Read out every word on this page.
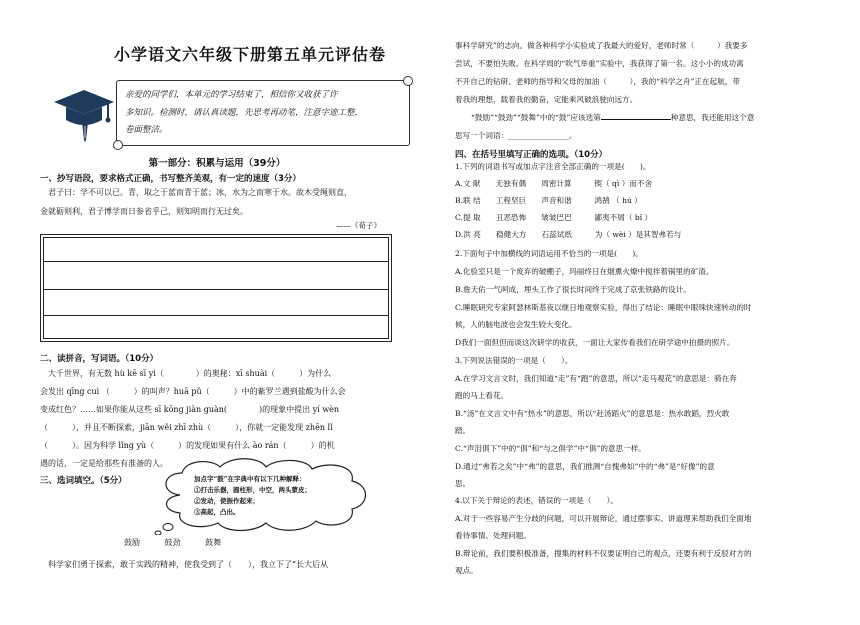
小学语文六年级下册第五单元评估卷
亲爱的同学们，本单元的学习结束了，相信你又收获了许
多知识。检测时，请认真读题，先思考再动笔，注意字迹工整，
卷面整洁。
第一部分：积累与运用（39分）
一、抄写语段，要求格式正确，书写整齐美观，有一定的速度（3分）
君子曰：学不可以已。青，取之于蓝而青于蓝；冰，水为之而寒于水。故木受绳则直，
金就砺则利，君子博学而日参省乎己，则知明而行无过矣。
——《荀子》
二、读拼音，写词语。（10分）
大千世界，有无数 hù kē sī yì（　　　　）的奥秘：xī shuài（　　　）为什么
会发出 qīng cuì （　　　）的叫声？huā pǔ（　　　）中的紫罗兰遇到盐酸为什么会
变成红色？……如果你能从这些 sī kōng jiàn guàn(　　　　)的现象中提出 yí wèn
（　　　），并且不断探索，jiān wěi zhī zhù（　　　），你就一定能发现 zhēn lǐ
（　　　）。因为科学 lǐng yù（　　　）的发现如果有什么 ào rán（　　　）的机
遇的话，一定是给那些有准备的人。
三、选词填空。（5分）	加点字“鼓”在字典中有以下几种解释：
①打击乐器，圆柱形，中空，两头蒙皮；
②发动，使振作起来；
③高起，凸出。
鼓励	鼓劲	鼓舞
科学家们勇于探索，敢于实践的精神，使我受到了（　　），我立下了“长大后从
事科学研究”的志向。做各种科学小实验成了我最大的爱好，老师时常（　　　）我要多
尝试，不要怕失败。在科学周的“吹气举重”实验中，我获得了第一名。这小小的成功离
不开自己的钻研、老师的指导和父母的加油（　　　），我的“科学之舟”正在起航，带
着我的理想，载着我的勤奋，定能乘风破浪驶向远方。
“鼓励”“鼓劲”“鼓舞”中的“鼓”应该选第	种意思，我还能用这个意
思写一个词语：________________。
四、在括号里填写正确的选项。（10分）
1.下列的词语书写或加点字注音全部正确的一项是(　　)。
A.文 献　　无独有偶　　周密计算　　　锲（ qì ）而不舍
B.联 结　　工程坚巨　　声音和谐　　　鸿鹄 （ hú ）
C.提 取　　丑恶恐怖　　皱皱巴巴　　　鄙夷不屑（ bǐ ）
D.洪 亮　　稳健大方　　石蕊试纸　　　为（ wèi ）是其智弗若与
2.下面句子中加横线的词语运用不恰当的一项是(　　)。
A.化验室只是一个废弃的破棚子，玛丽终日在烟熏火燎中搅拌着锅里的矿渣。
B.詹天佑一气呵成，埋头工作了很长时间终于完成了京张铁路的设计。
C.睡眠研究专家阿瑟林斯基夜以继日地观察实验，得出了结论：睡眠中眼珠快速转动的时
候，人的脑电波也会发生较大变化。
D我们一面但但而谈这次研学的收获，一面让大家传看我们在研学途中拍摄的照片。
3.下列说法错误的一项是（　　）。
A.在学习文言文时，我们知道“走”有“跑”的意思，所以“走马观花”的意思是：骑在奔
跑的马上看花。
B.“汤”在文言文中有“热水”的意思，所以“赴汤蹈火”的意思是：热水敢蹈，烈火敢
踏。
C.“声泪俱下”中的“俱”和“与之俱学”中“俱”的意思一样。
D.通过“弗若之矣”中“弗”的意思，我们推测“自愧弗如”中的“弗”是“好像”的意
思。
4.以下关于辩论的表述，错误的一项是（　　）。
A.对于一些容易产生分歧的问题，可以开展辩论，通过摆事实、讲道理来帮助我们全面地
看待事情、处理问题。
B.辩论前，我们要积极准备，搜集的材料不仅要证明自己的观点，还要有利于反驳对方的
观点。
